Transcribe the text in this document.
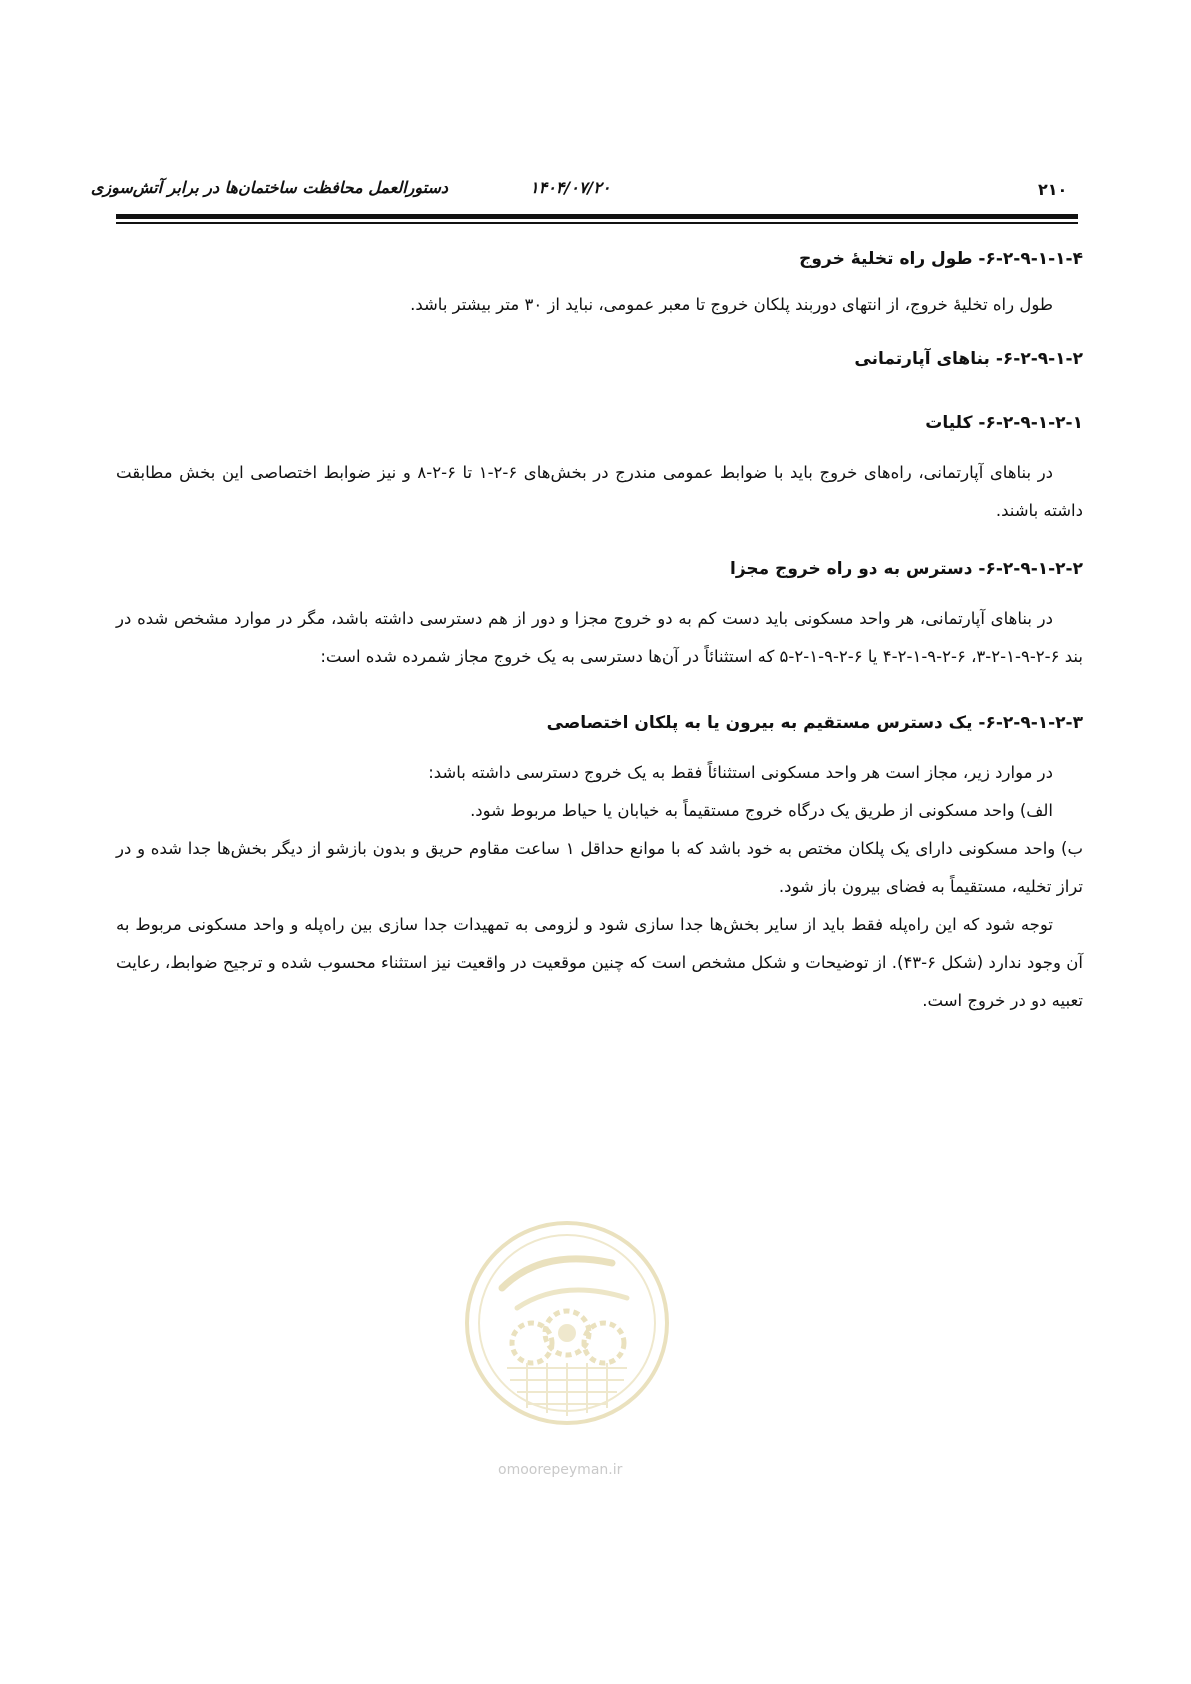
دستورالعمل محافظت ساختمان‌ها در برابر آتش‌سوزی	۱۴۰۴/۰۷/۲۰	۲۱۰

۶-۲-۹-۱-۱-۴- طول راه تخلیهٔ خروج

طول راه تخلیهٔ خروج، از انتهای دوربند پلکان خروج تا معبر عمومی، نباید از ۳۰ متر بیشتر باشد.

۶-۲-۹-۱-۲- بناهای آپارتمانی

۶-۲-۹-۱-۲-۱- کلیات

در بناهای آپارتمانی، راه‌های خروج باید با ضوابط عمومی مندرج در بخش‌های ۶-۲-۱ تا ۶-۲-۸ و نیز ضوابط اختصاصی این بخش مطابقت داشته باشند.

۶-۲-۹-۱-۲-۲- دسترس به دو راه خروج مجزا

در بناهای آپارتمانی، هر واحد مسکونی باید دست کم به دو خروج مجزا و دور از هم دسترسی داشته باشد، مگر در موارد مشخص شده در بند ۶-۲-۹-۱-۲-۳، ۶-۲-۹-۱-۲-۴ یا ۶-۲-۹-۱-۲-۵ که استثنائاً در آن‌ها دسترسی به یک خروج مجاز شمرده شده است:

۶-۲-۹-۱-۲-۳- یک دسترس مستقیم به بیرون یا به پلکان اختصاصی

در موارد زیر، مجاز است هر واحد مسکونی استثنائاً فقط به یک خروج دسترسی داشته باشد:

الف) واحد مسکونی از طریق یک درگاه خروج مستقیماً به خیابان یا حیاط مربوط شود.

ب) واحد مسکونی دارای یک پلکان مختص به خود باشد که با موانع حداقل ۱ ساعت مقاوم حریق و بدون بازشو از دیگر بخش‌ها جدا شده و در تراز تخلیه، مستقیماً به فضای بیرون باز شود.

توجه شود که این راه‌پله فقط باید از سایر بخش‌ها جدا سازی شود و لزومی به تمهیدات جدا سازی بین راه‌پله و واحد مسکونی مربوط به آن وجود ندارد (شکل ۶-۴۳). از توضیحات و شکل مشخص است که چنین موقعیت در واقعیت نیز استثناء محسوب شده و ترجیح ضوابط، رعایت تعبیه دو در خروج است.

omoorepeyman.ir
